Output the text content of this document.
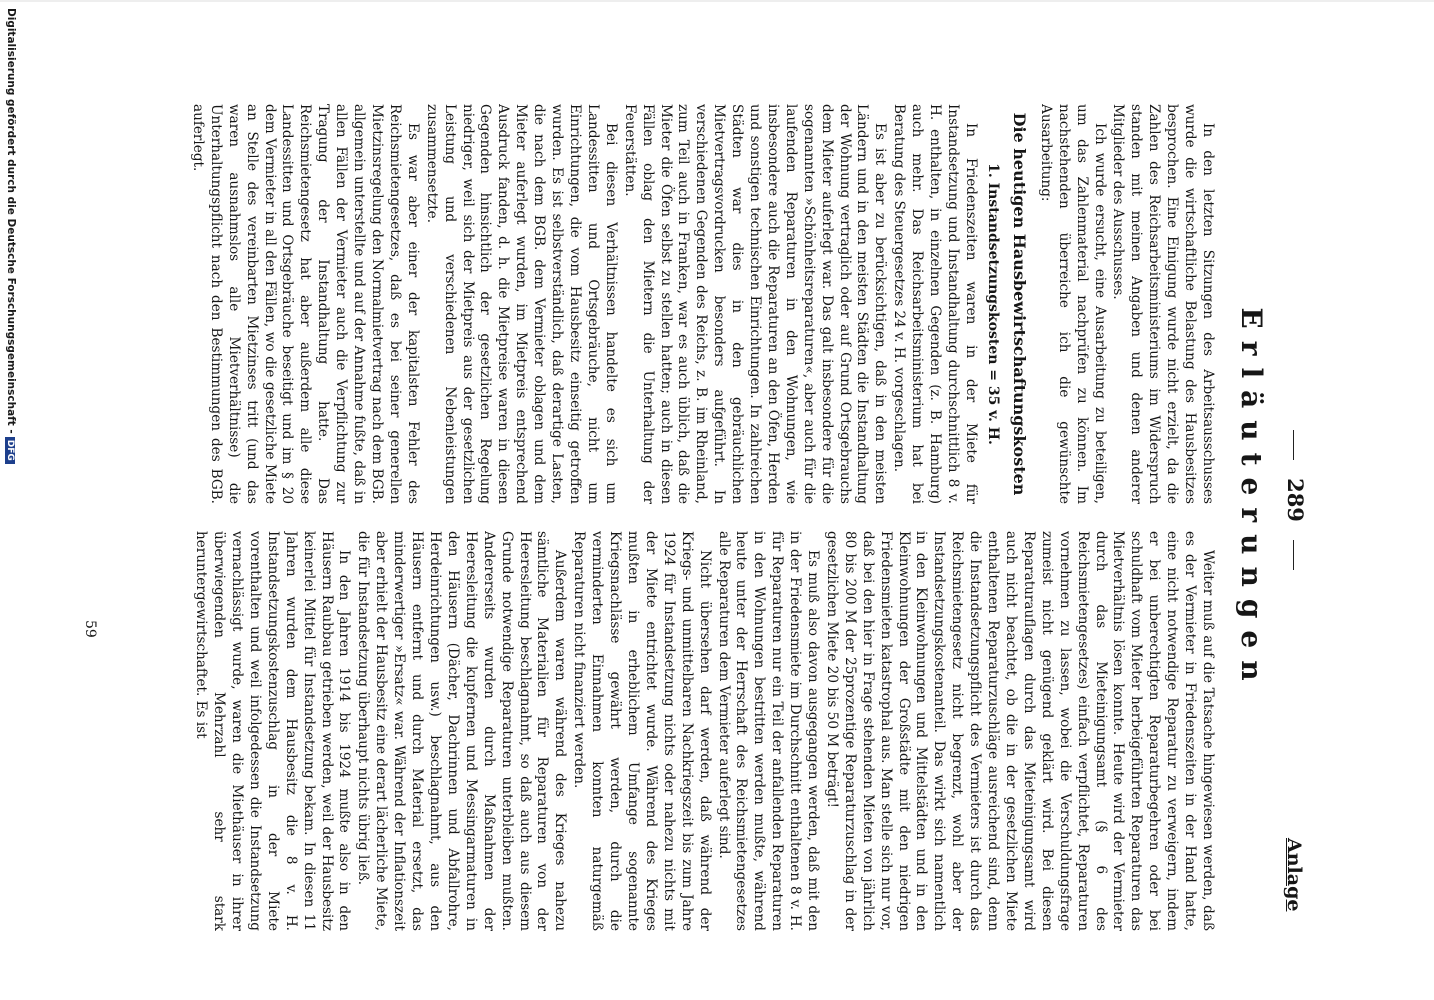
Anlage
289
Erläuterungen

In den letzten Sitzungen des Arbeitsausschusses wurde die wirtschaftliche Belastung des Hausbesitzes besprochen. Eine Einigung wurde nicht erzielt, da die Zahlen des Reichsarbeitsministeriums im Widerspruch standen mit meinen Angaben und denen anderer Mitglieder des Ausschusses.

Ich wurde ersucht, eine Ausarbeitung zu beteiligen, um das Zahlenmaterial nachprüfen zu können. Im nachstehenden überreiche ich die gewünschte Ausarbeitung:

Die heutigen Hausbewirtschaftungskosten
1. Instandsetzungskosten = 35 v. H.

In Friedenszeiten waren in der Miete für Instandsetzung und Instandhaltung durchschnittlich 8 v. H. enthalten, in einzelnen Gegenden (z. B. Hamburg) auch mehr. Das Reichsarbeitsministerium hat bei Beratung des Steuergesetzes 24 v. H. vorgeschlagen.

Es ist aber zu berücksichtigen, daß in den meisten Ländern und in den meisten Städten die Instandhaltung der Wohnung vertraglich oder auf Grund Ortsgebrauchs dem Mieter auferlegt war. Das galt insbesondere für die sogenannten »Schönheitsreparaturen«, aber auch für die laufenden Reparaturen in den Wohnungen, wie insbesondere auch die Reparaturen an den Öfen, Herden und sonstigen technischen Einrichtungen. In zahlreichen Städten war dies in den gebräuchlichen Mietvertragsvordrucken besonders aufgeführt. In verschiedenen Gegenden des Reichs, z. B. im Rheinland, zum Teil auch in Franken, war es auch üblich, daß die Mieter die Öfen selbst zu stellen hatten; auch in diesen Fällen oblag den Mietern die Unterhaltung der Feuerstätten.

Bei diesen Verhältnissen handelte es sich um Landessitten und Ortsgebräuche, nicht um Einrichtungen, die vom Hausbesitz einseitig getroffen wurden. Es ist selbstverständlich, daß derartige Lasten, die nach dem BGB. dem Vermieter oblagen und dem Mieter auferlegt wurden, im Mietpreis entsprechend Ausdruck fanden, d. h. die Mietpreise waren in diesen Gegenden hinsichtlich der gesetzlichen Regelung niedriger, weil sich der Mietpreis aus der gesetzlichen Leistung und verschiedenen Nebenleistungen zusammensetzte.

Es war aber einer der kapitalsten Fehler des Reichsmietengesetzes, daß es bei seiner generellen Mietzinsregelung den Normalmietvertrag nach dem BGB. allgemein unterstellte und auf der Annahme fußte, daß in allen Fällen der Vermieter auch die Verpflichtung zur Tragung der Instandhaltung hatte. Das Reichsmietengesetz hat aber außerdem alle diese Landessitten und Ortsgebräuche beseitigt und im § 20 dem Vermieter in all den Fällen, wo die gesetzliche Miete an Stelle des vereinbarten Mietzinses tritt (und das waren ausnahmslos alle Mietverhältnisse) die Unterhaltungspflicht nach den Bestimmungen des BGB. auferlegt.

Weiter muß auf die Tatsache hingewiesen werden, daß es der Vermieter in Friedenszeiten in der Hand hatte, eine nicht notwendige Reparatur zu verweigern, indem er bei unberechtigten Reparaturbegehren oder bei schuldhaft vom Mieter herbeigeführten Reparaturen das Mietverhältnis lösen konnte. Heute wird der Vermieter durch das Mieteinigungsamt (§ 6 des Reichsmietengesetzes) einfach verpflichtet, Reparaturen vornehmen zu lassen, wobei die Verschuldungsfrage zumeist nicht genügend geklärt wird. Bei diesen Reparaturauflagen durch das Mieteinigungsamt wird auch nicht beachtet, ob die in der gesetzlichen Miete enthaltenen Reparaturzuschläge ausreichend sind, denn die Instandsetzungspflicht des Vermieters ist durch das Reichsmietengesetz nicht begrenzt, wohl aber der Instandsetzungskostenanteil. Das wirkt sich namentlich in den Kleinwohnungen und Mittelstädten und in den Kleinwohnungen der Großstädte mit den niedrigen Friedensmieten katastrophal aus. Man stelle sich nur vor, daß bei den hier in Frage stehenden Mieten von jährlich 80 bis 200 M der 25prozentige Reparaturzuschlag in der gesetzlichen Miete 20 bis 50 M beträgt!

Es muß also davon ausgegangen werden, daß mit den in der Friedensmiete im Durchschnitt enthaltenen 8 v. H. für Reparaturen nur ein Teil der anfallenden Reparaturen in den Wohnungen bestritten werden mußte, während heute unter der Herrschaft des Reichsmietengesetzes alle Reparaturen dem Vermieter auferlegt sind.

Nicht übersehen darf werden, daß während der Kriegs- und unmittelbaren Nachkriegszeit bis zum Jahre 1924 für Instandsetzung nichts oder nahezu nichts mit der Miete entrichtet wurde. Während des Krieges mußten in erheblichem Umfange sogenannte Kriegsnachlässe gewährt werden, durch die verminderten Einnahmen konnten naturgemäß Reparaturen nicht finanziert werden.

Außerdem waren während des Krieges nahezu sämtliche Materialien für Reparaturen von der Heeresleitung beschlagnahmt, so daß auch aus diesem Grunde notwendige Reparaturen unterbleiben mußten. Andererseits wurden durch Maßnahmen der Heeresleitung die kupfernen und Messingarmaturen in den Häusern (Dächer, Dachrinnen und Abfallrohre, Herdeinrichtungen usw.) beschlagnahmt, aus den Häusern entfernt und durch Material ersetzt, das minderwertiger »Ersatz« war. Während der Inflationszeit aber erhielt der Hausbesitz eine derart lächerliche Miete, die für Instandsetzung überhaupt nichts übrig ließ.

In den Jahren 1914 bis 1924 mußte also in den Häusern Raubbau getrieben werden, weil der Hausbesitz keinerlei Mittel für Instandsetzung bekam. In diesen 11 Jahren wurden dem Hausbesitz die 8 v. H. Instandsetzungskostenzuschlag in der Miete vorenthalten und weil infolgedessen die Instandsetzung vernachlässigt wurde, waren die Miethäuser in ihrer überwiegenden Mehrzahl sehr stark heruntergewirtschaftet. Es ist

59
Digitalisierung gefördert durch die Deutsche Forschungsgemeinschaft -DFG
